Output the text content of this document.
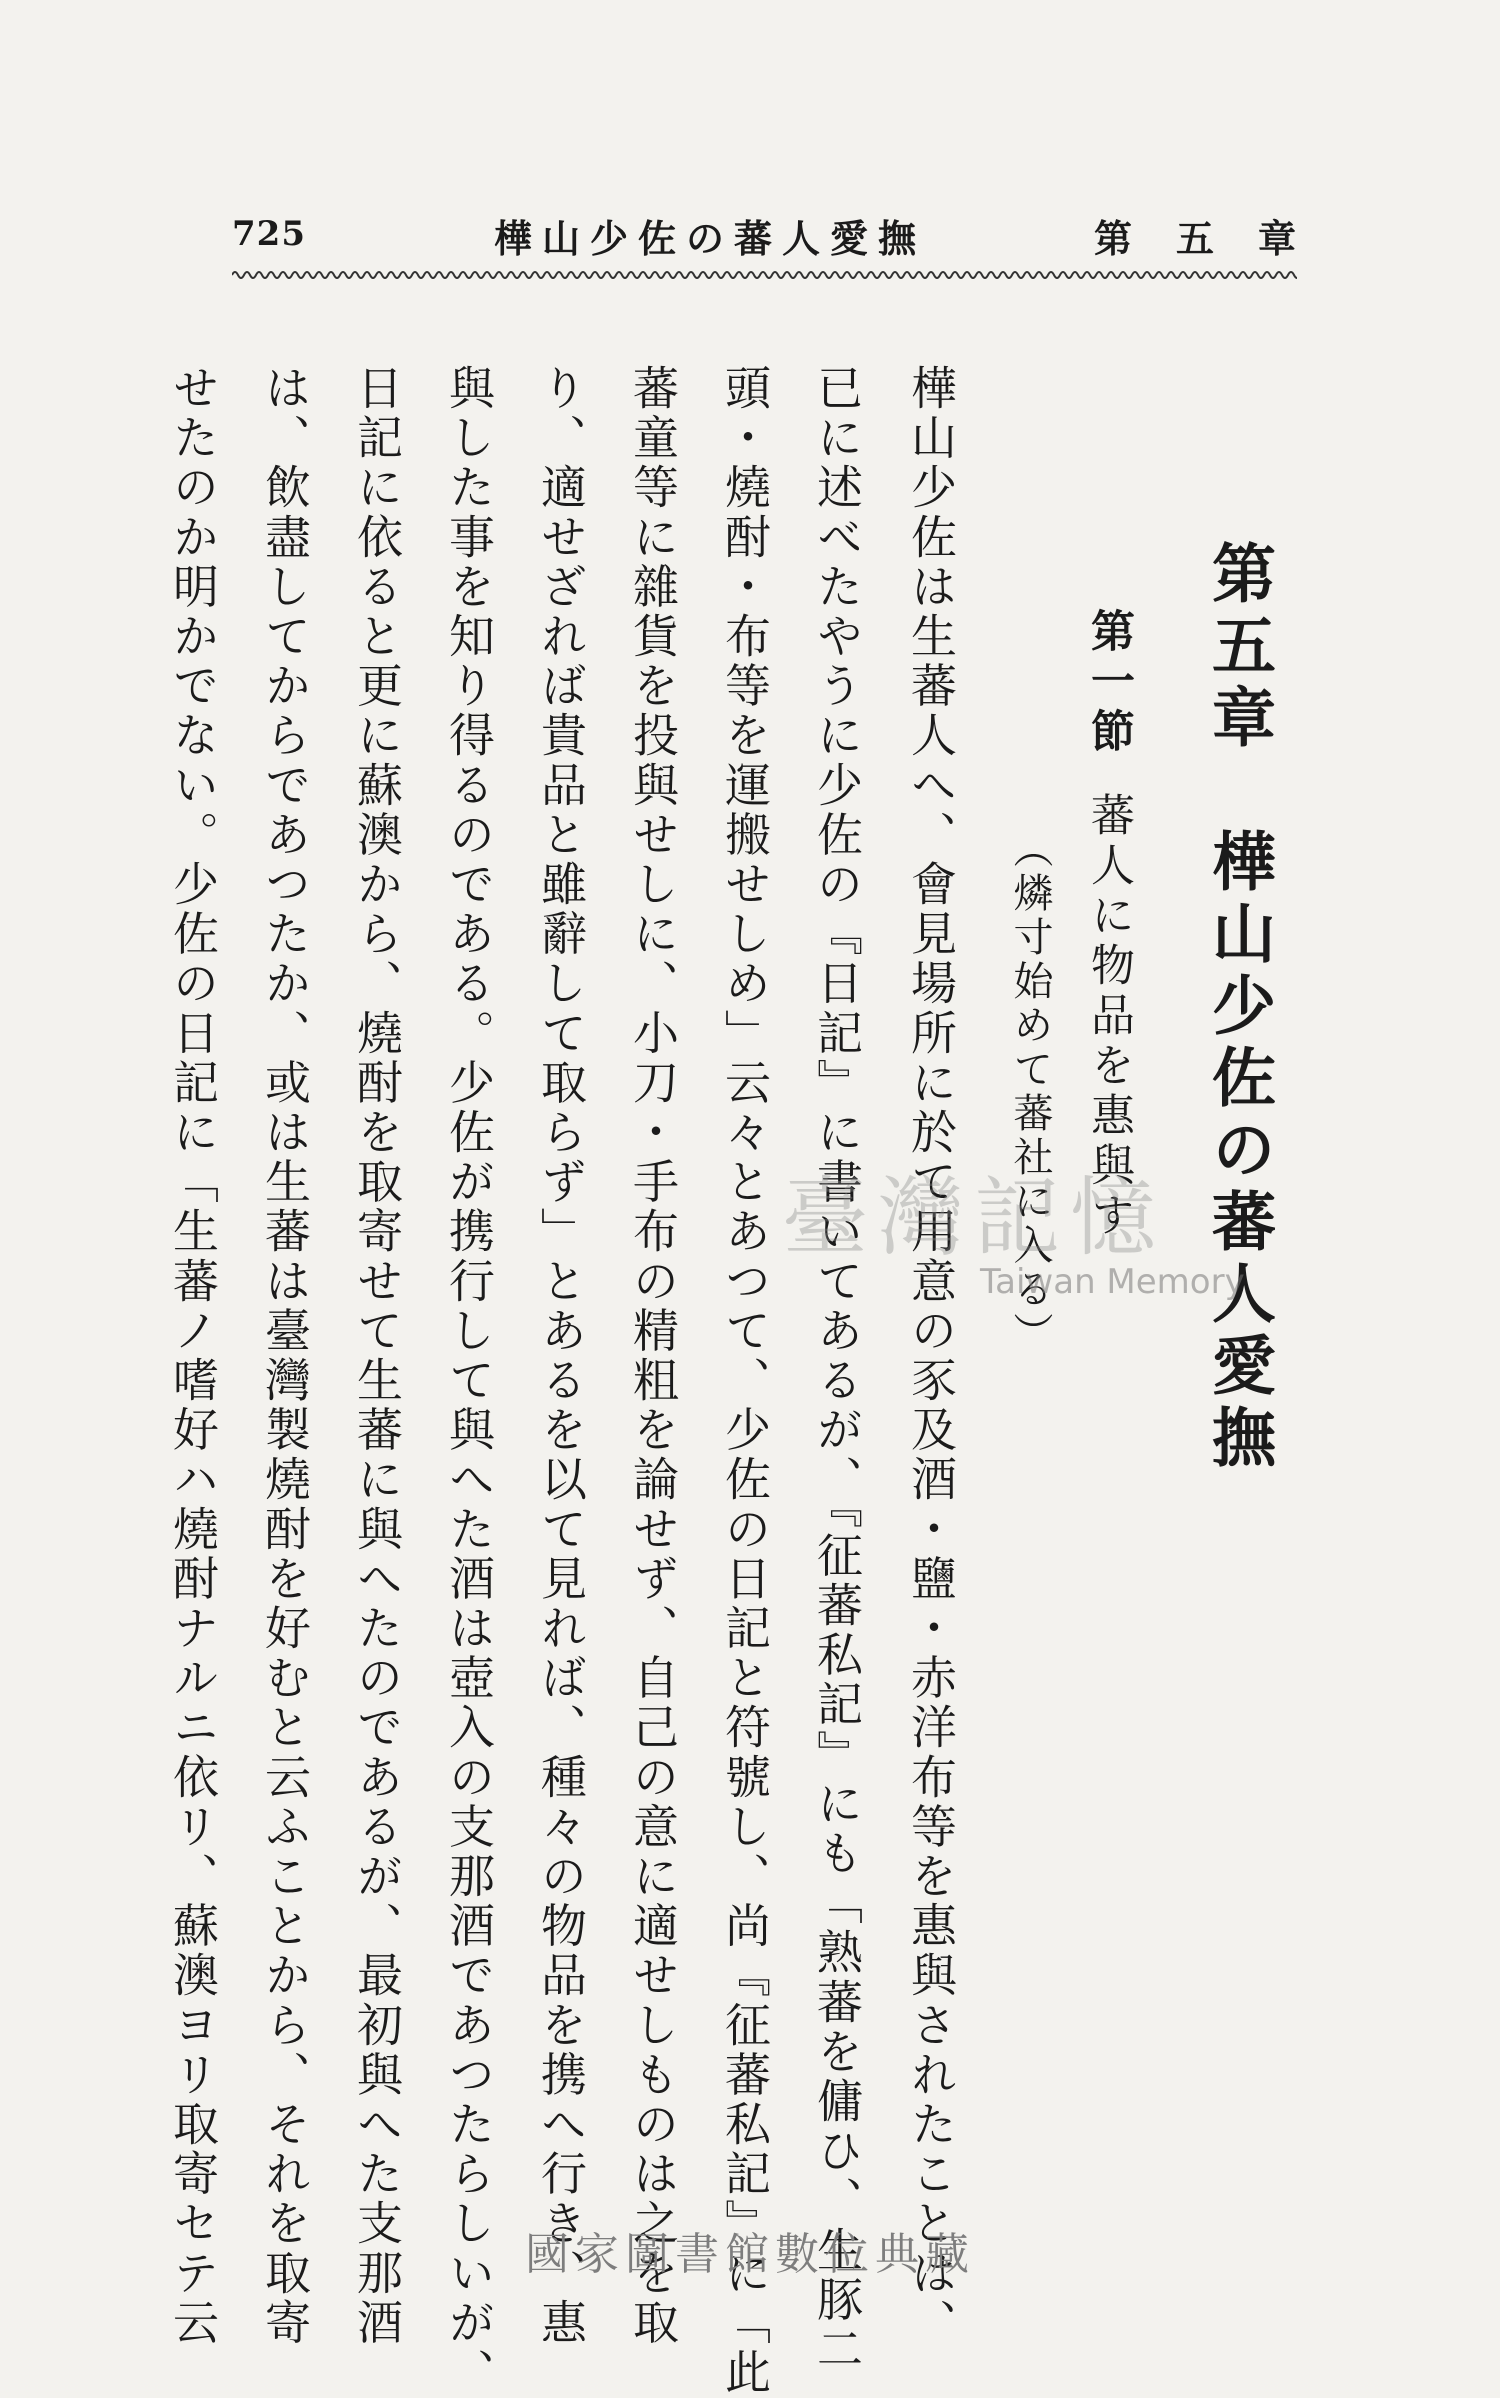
725	樺山少佐の蕃人愛撫	第五章
第五章　樺山少佐の蕃人愛撫
第一節蕃人に物品を惠與す
（燐寸始めて蕃社に入る）
樺山少佐は生蕃人へ、會見場所に於て用意の豕及酒・鹽・赤洋布等を惠與されたことは、
已に述べたやうに少佐の『日記』に書いてあるが、『征蕃私記』にも「熟蕃を傭ひ、生豚二
頭・燒酎・布等を運搬せしめ」云々とあつて、少佐の日記と符號し、尚『征蕃私記』に「此
蕃童等に雜貨を投與せしに、小刀・手布の精粗を論せず、自己の意に適せしものは之を取
り、適せざれば貴品と雖辭して取らず」とあるを以て見れば、種々の物品を携へ行き、惠
與した事を知り得るのである。少佐が携行して與へた酒は壺入の支那酒であつたらしいが、
日記に依ると更に蘇澳から、燒酎を取寄せて生蕃に與へたのであるが、最初與へた支那酒
は、飲盡してからであつたか、或は生蕃は臺灣製燒酎を好むと云ふことから、それを取寄
せたのか明かでない。少佐の日記に「生蕃ノ嗜好ハ燒酎ナルニ依リ、蘇澳ヨリ取寄セテ云	臺灣記憶
Taiwan Memory
國家圖書館數位典藏
